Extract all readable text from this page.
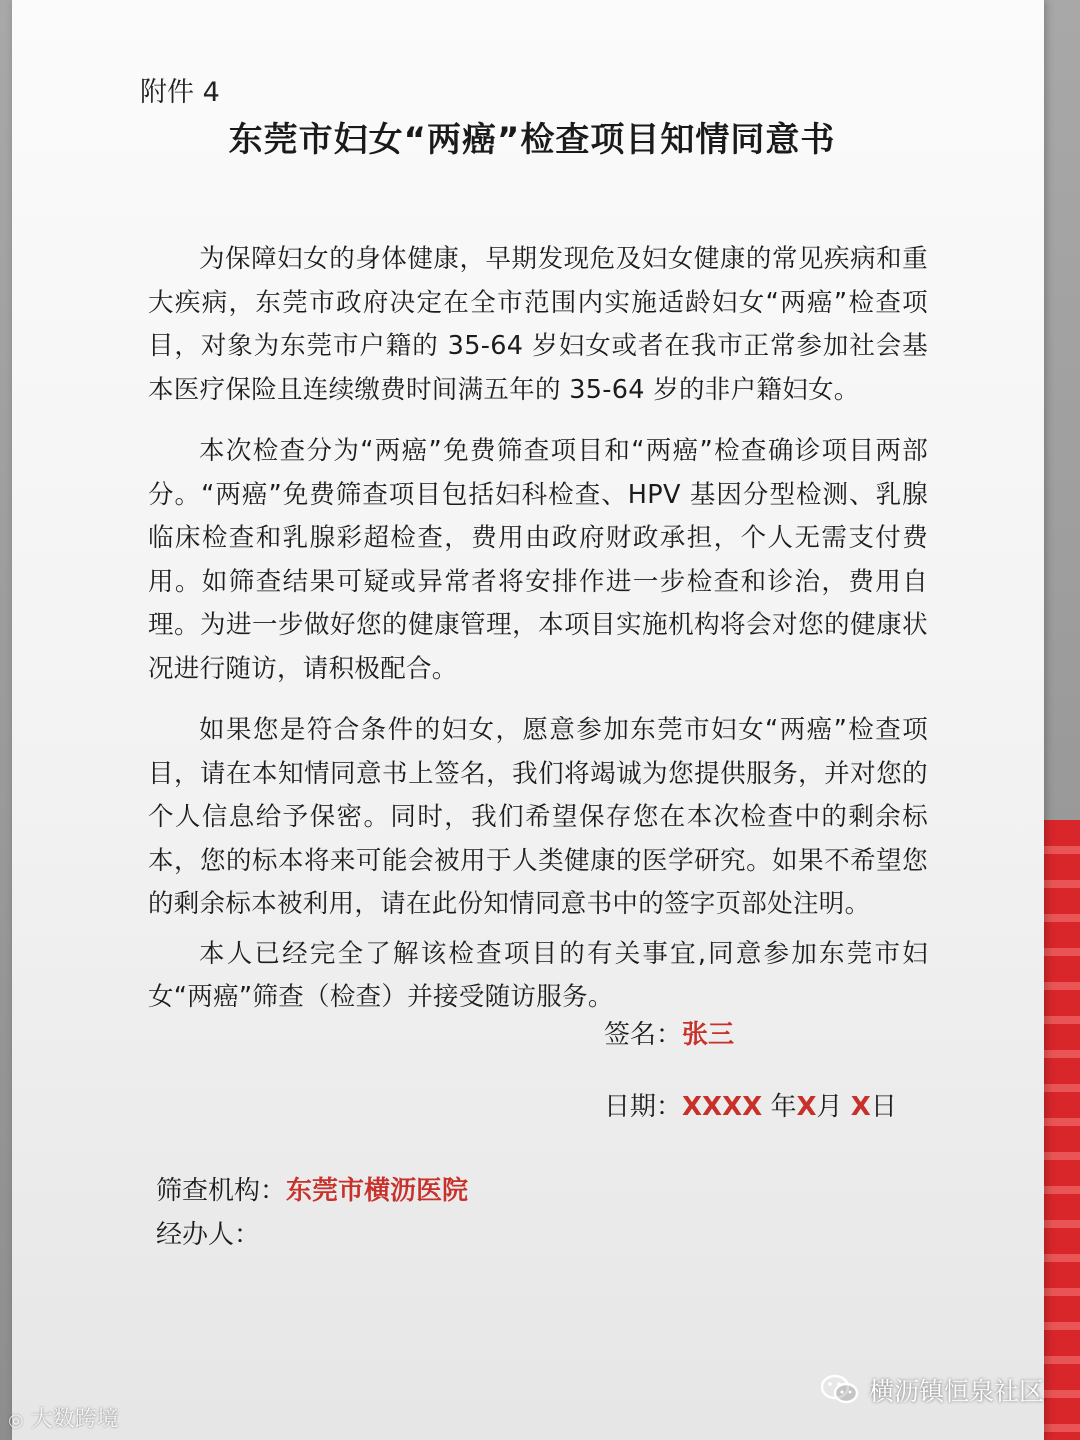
附件 4
东莞市妇女“两癌”检查项目知情同意书

为保障妇女的身体健康，早期发现危及妇女健康的常见疾病和重大疾病，东莞市政府决定在全市范围内实施适龄妇女“两癌”检查项目，对象为东莞市户籍的 35-64 岁妇女或者在我市正常参加社会基本医疗保险且连续缴费时间满五年的 35-64 岁的非户籍妇女。

本次检查分为“两癌”免费筛查项目和“两癌”检查确诊项目两部分。“两癌”免费筛查项目包括妇科检查、HPV 基因分型检测、乳腺临床检查和乳腺彩超检查，费用由政府财政承担，个人无需支付费用。如筛查结果可疑或异常者将安排作进一步检查和诊治，费用自理。为进一步做好您的健康管理，本项目实施机构将会对您的健康状况进行随访，请积极配合。

如果您是符合条件的妇女，愿意参加东莞市妇女“两癌”检查项目，请在本知情同意书上签名，我们将竭诚为您提供服务，并对您的个人信息给予保密。同时，我们希望保存您在本次检查中的剩余标本，您的标本将来可能会被用于人类健康的医学研究。如果不希望您的剩余标本被利用，请在此份知情同意书中的签字页部处注明。

本人已经完全了解该检查项目的有关事宜,同意参加东莞市妇女“两癌”筛查（检查）并接受随访服务。

签名：张三
日期：XXXX 年X月 X日
筛查机构：东莞市横沥医院
经办人：
◎ 大数跨境
横沥镇恒泉社区
